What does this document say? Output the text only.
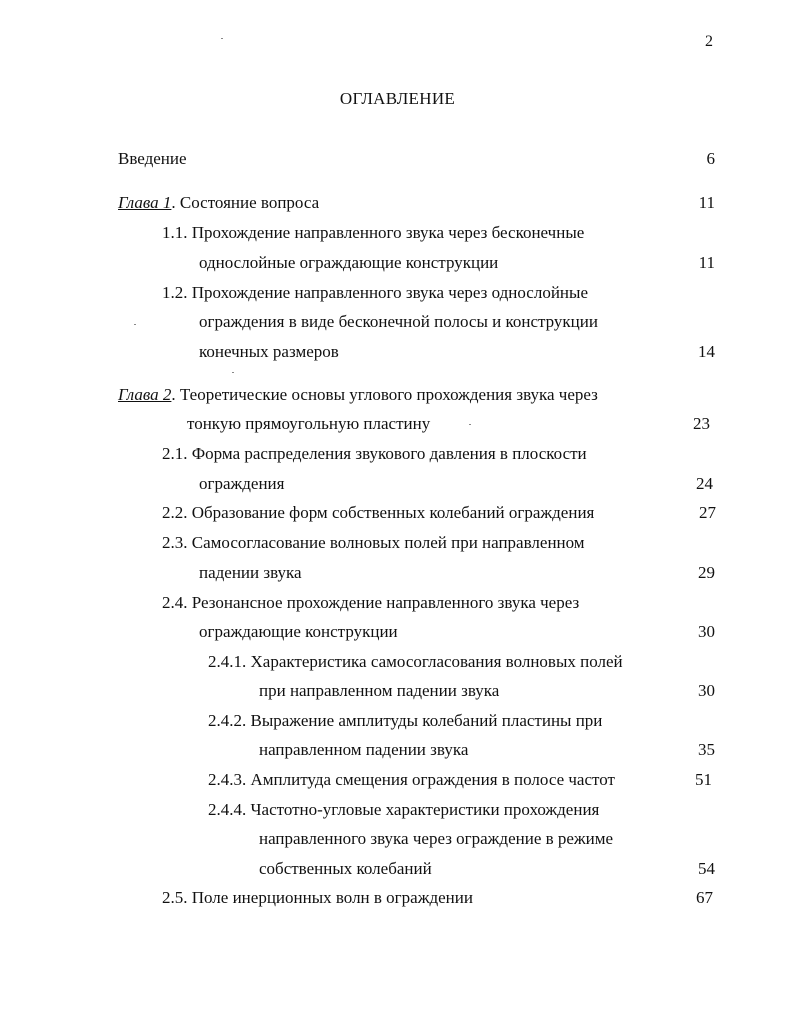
2
ОГЛАВЛЕНИЕ
Введение	6
Глава 1. Состояние вопроса	11
1.1. Прохождение направленного звука через бесконечные
однослойные ограждающие конструкции	11
1.2. Прохождение направленного звука через однослойные
ограждения в виде бесконечной полосы и конструкции
конечных размеров	14
Глава 2. Теоретические основы углового прохождения звука через
тонкую прямоугольную пластину	23
2.1. Форма распределения звукового давления в плоскости
ограждения	24
2.2. Образование форм собственных колебаний ограждения	27
2.3. Самосогласование волновых полей при направленном
падении звука	29
2.4. Резонансное прохождение направленного звука через
ограждающие конструкции	30
2.4.1. Характеристика самосогласования волновых полей
при направленном падении звука	30
2.4.2. Выражение амплитуды колебаний пластины при
направленном падении звука	35
2.4.3. Амплитуда смещения ограждения в полосе частот	51
2.4.4. Частотно-угловые характеристики прохождения
направленного звука через ограждение в режиме
собственных колебаний	54
2.5. Поле инерционных волн в ограждении	67
